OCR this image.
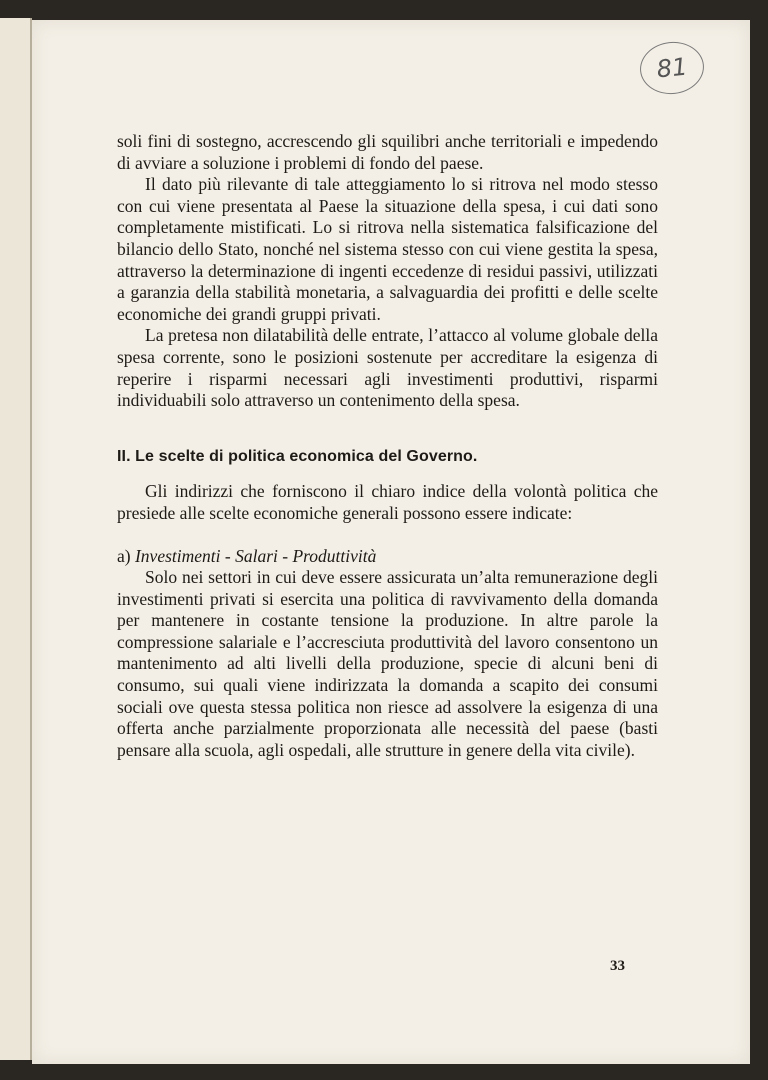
81

soli fini di sostegno, accrescendo gli squilibri anche territoriali e impedendo di avviare a soluzione i problemi di fondo del paese.

Il dato più rilevante di tale atteggiamento lo si ritrova nel modo stesso con cui viene presentata al Paese la situazione della spesa, i cui dati sono completamente mistificati. Lo si ritrova nella sistematica falsificazione del bilancio dello Stato, nonché nel sistema stesso con cui viene gestita la spesa, attraverso la determinazione di ingenti eccedenze di residui passivi, utilizzati a garanzia della stabilità monetaria, a salvaguardia dei profitti e delle scelte economiche dei grandi gruppi privati.

La pretesa non dilatabilità delle entrate, l’attacco al volume globale della spesa corrente, sono le posizioni sostenute per accreditare la esigenza di reperire i risparmi necessari agli investimenti produttivi, risparmi individuabili solo attraverso un contenimento della spesa.

II. Le scelte di politica economica del Governo.

Gli indirizzi che forniscono il chiaro indice della volontà politica che presiede alle scelte economiche generali possono essere indicate:

a) Investimenti - Salari - Produttività

Solo nei settori in cui deve essere assicurata un’alta remunerazione degli investimenti privati si esercita una politica di ravvivamento della domanda per mantenere in costante tensione la produzione. In altre parole la compressione salariale e l’accresciuta produttività del lavoro consentono un mantenimento ad alti livelli della produzione, specie di alcuni beni di consumo, sui quali viene indirizzata la domanda a scapito dei consumi sociali ove questa stessa politica non riesce ad assolvere la esigenza di una offerta anche parzialmente proporzionata alle necessità del paese (basti pensare alla scuola, agli ospedali, alle strutture in genere della vita civile).

33
